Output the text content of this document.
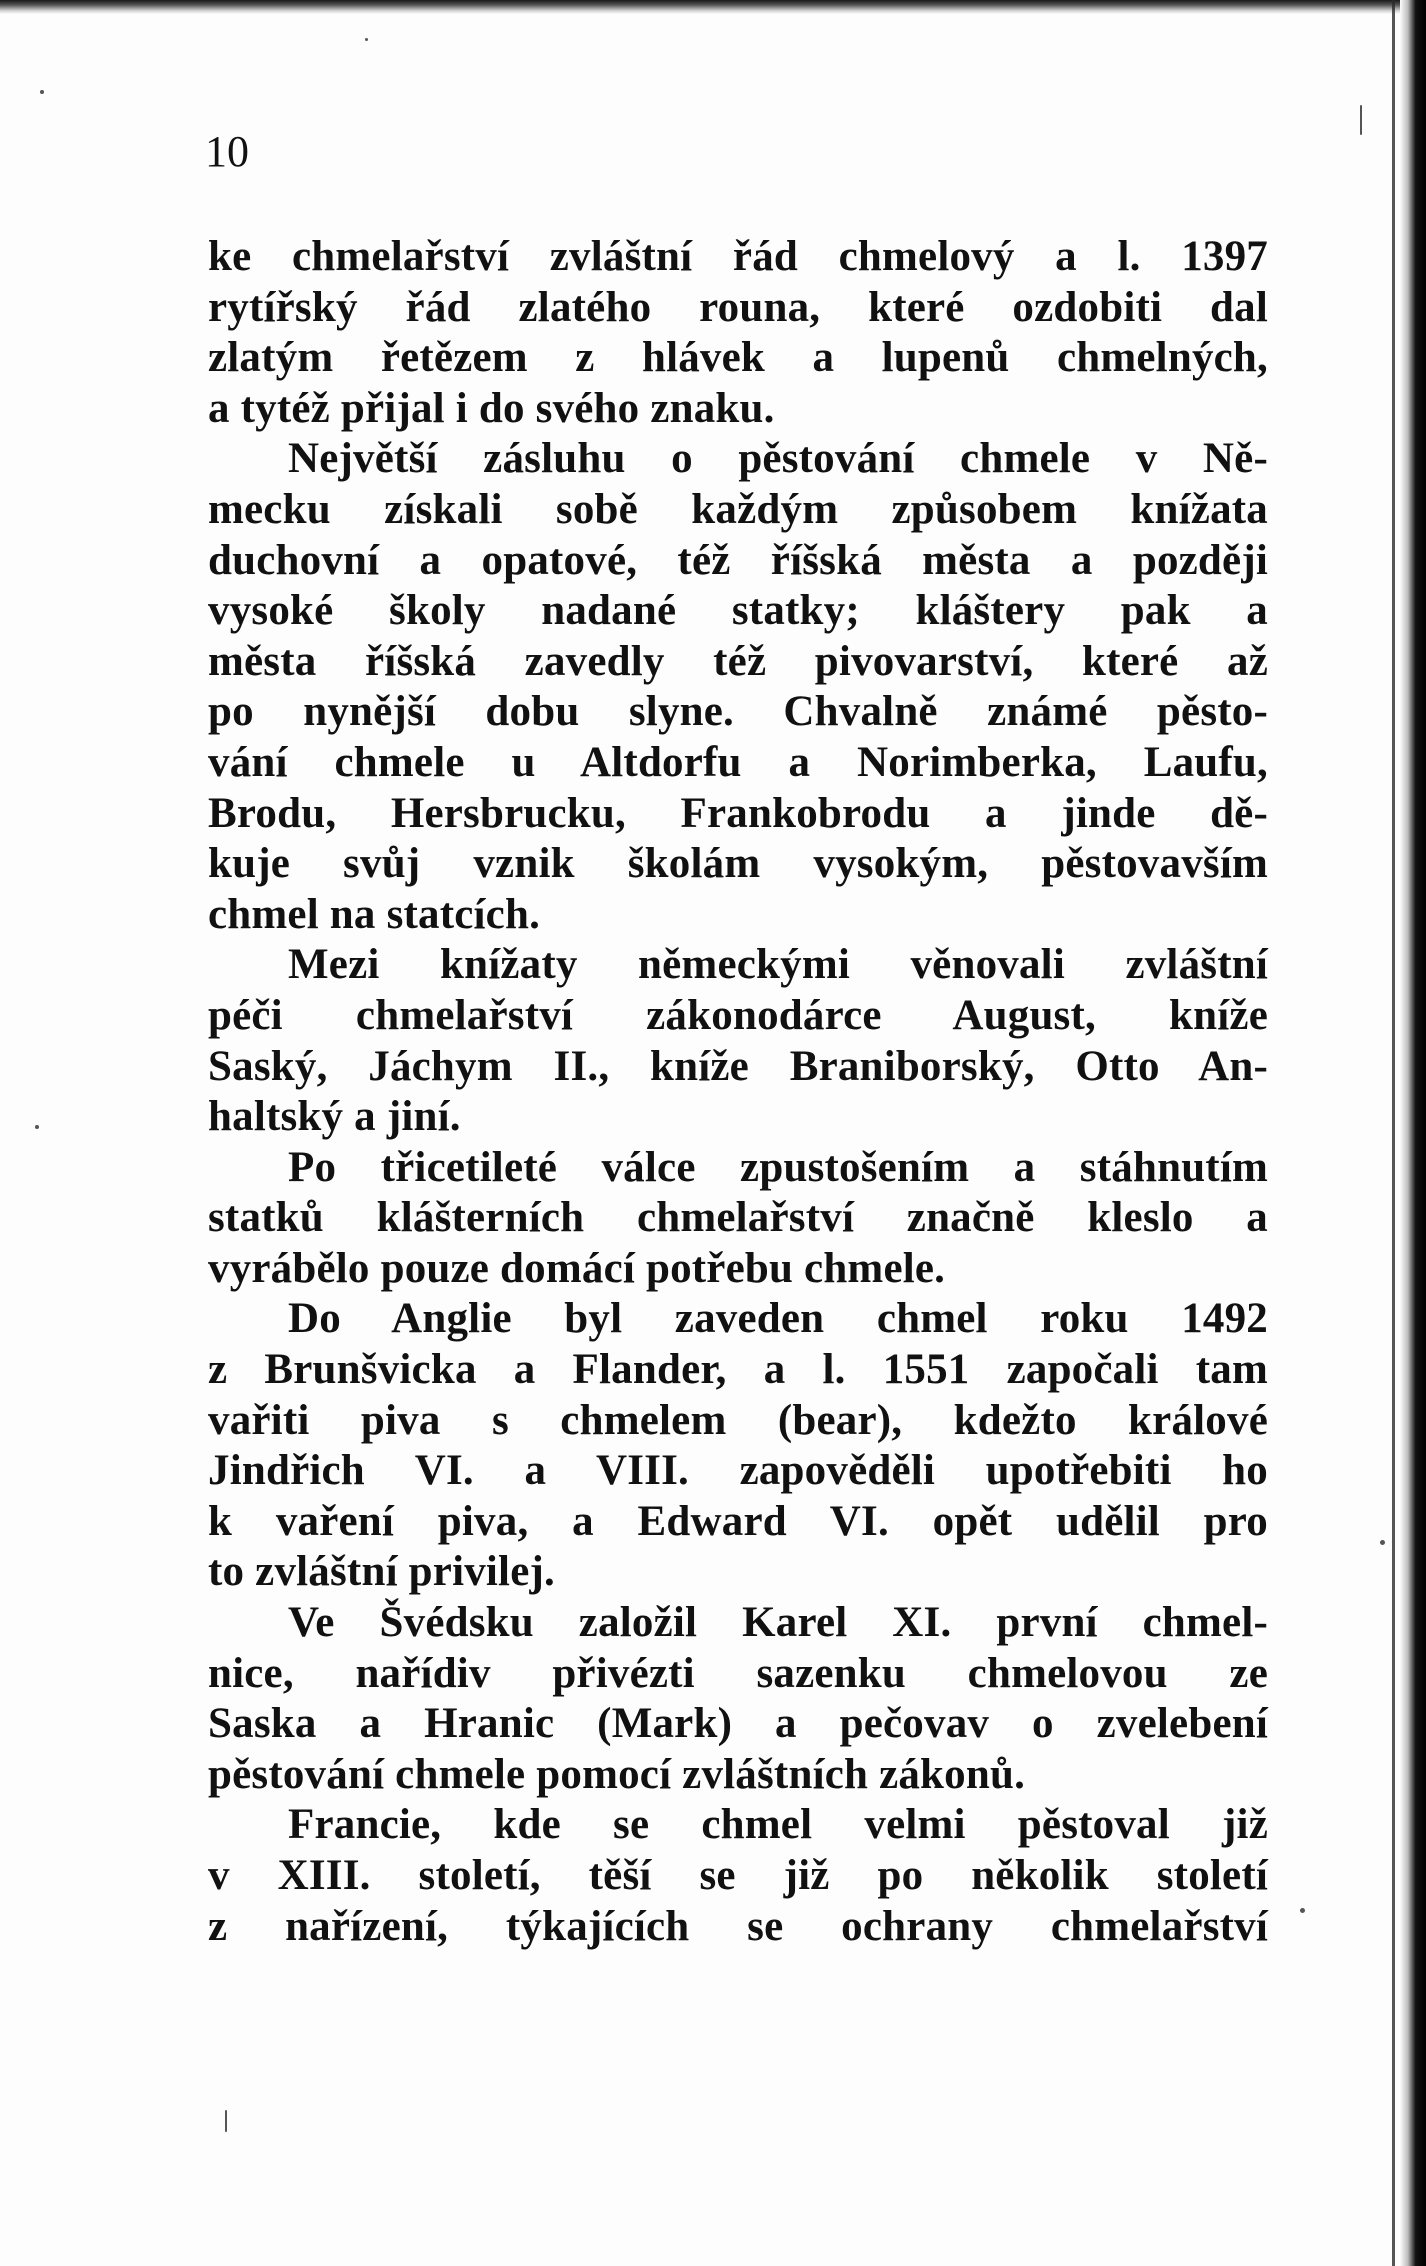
10
ke chmelařství zvláštní řád chmelový a l. 1397
rytířský řád zlatého rouna, které ozdobiti dal
zlatým řetězem z hlávek a lupenů chmelných,
a tytéž přijal i do svého znaku.
Největší zásluhu o pěstování chmele v Ně-
mecku získali sobě každým způsobem knížata
duchovní a opatové, též říšská města a později
vysoké školy nadané statky; kláštery pak a
města říšská zavedly též pivovarství, které až
po nynější dobu slyne. Chvalně známé pěsto-
vání chmele u Altdorfu a Norimberka, Laufu,
Brodu, Hersbrucku, Frankobrodu a jinde dě-
kuje svůj vznik školám vysokým, pěstovavším
chmel na statcích.
Mezi knížaty německými věnovali zvláštní
péči chmelařství zákonodárce August, kníže
Saský, Jáchym II., kníže Braniborský, Otto An-
haltský a jiní.
Po třicetileté válce zpustošením a stáhnutím
statků klášterních chmelařství značně kleslo a
vyrábělo pouze domácí potřebu chmele.
Do Anglie byl zaveden chmel roku 1492
z Brunšvicka a Flander, a l. 1551 započali tam
vařiti piva s chmelem (bear), kdežto králové
Jindřich VI. a VIII. zapověděli upotřebiti ho
k vaření piva, a Edward VI. opět udělil pro
to zvláštní privilej.
Ve Švédsku založil Karel XI. první chmel-
nice, nařídiv přivézti sazenku chmelovou ze
Saska a Hranic (Mark) a pečovav o zvelebení
pěstování chmele pomocí zvláštních zákonů.
Francie, kde se chmel velmi pěstoval již
v XIII. století, těší se již po několik století
z nařízení, týkajících se ochrany chmelařství
